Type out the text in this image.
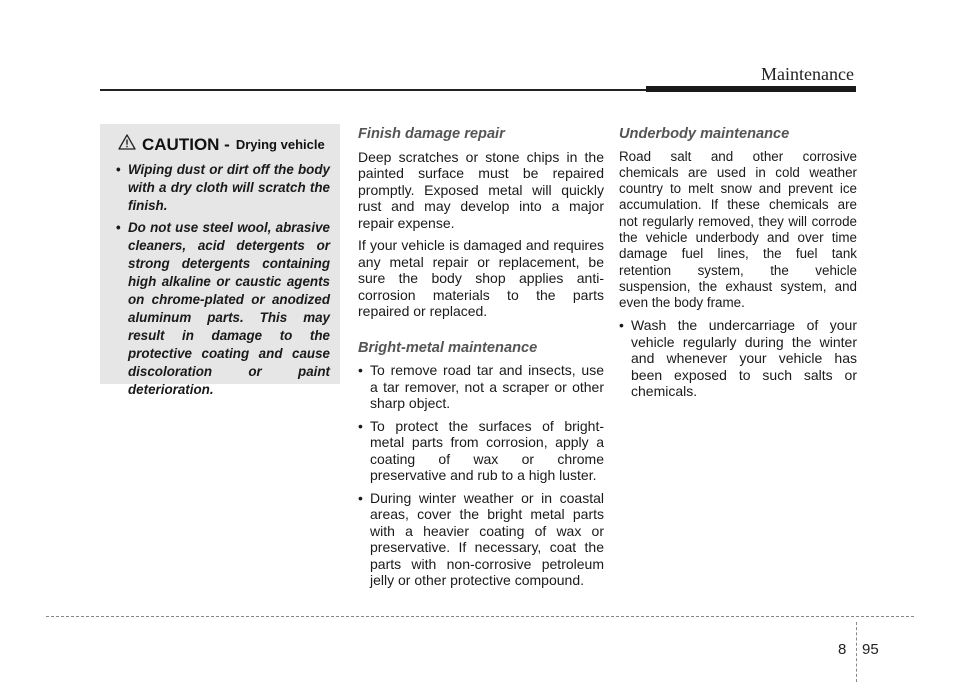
Maintenance
CAUTION - Drying vehicle
• Wiping dust or dirt off the body with a dry cloth will scratch the finish.
• Do not use steel wool, abrasive cleaners, acid detergents or strong detergents containing high alkaline or caustic agents on chrome-plated or anodized aluminum parts. This may result in damage to the protective coating and cause discoloration or paint deterioration.
Finish damage repair

Deep scratches or stone chips in the painted surface must be repaired promptly. Exposed metal will quickly rust and may develop into a major repair expense.

If your vehicle is damaged and requires any metal repair or replacement, be sure the body shop applies anti-corrosion materials to the parts repaired or replaced.

Bright-metal maintenance
• To remove road tar and insects, use a tar remover, not a scraper or other sharp object.
• To protect the surfaces of bright-metal parts from corrosion, apply a coating of wax or chrome preservative and rub to a high luster.
• During winter weather or in coastal areas, cover the bright metal parts with a heavier coating of wax or preservative. If necessary, coat the parts with non-corrosive petroleum jelly or other protective compound.
Underbody maintenance

Road salt and other corrosive chemicals are used in cold weather country to melt snow and prevent ice accumulation. If these chemicals are not regularly removed, they will corrode the vehicle underbody and over time damage fuel lines, the fuel tank retention system, the vehicle suspension, the exhaust system, and even the body frame.

• Wash the undercarriage of your vehicle regularly during the winter and whenever your vehicle has been exposed to such salts or chemicals.
8 95
